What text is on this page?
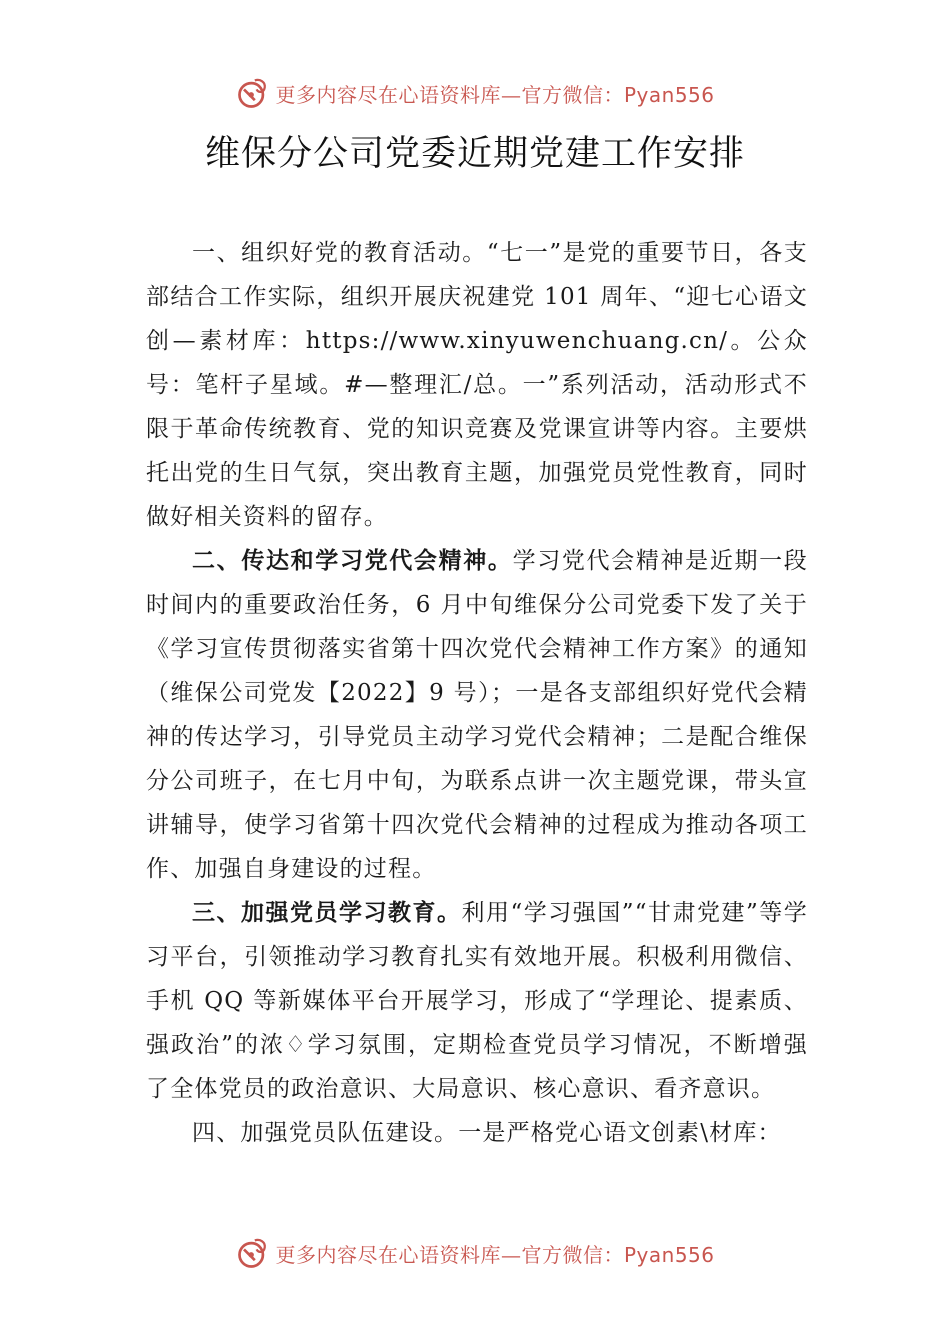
更多内容尽在心语资料库—官方微信：Pyan556
维保分公司党委近期党建工作安排

一、组织好党的教育活动。“七一”是党的重要节日，各支部结合工作实际，组织开展庆祝建党 101 周年、“迎七心语文创—素材库：https://www.xinyuwenchuang.cn/。公众号：笔杆子星域。#—整理汇/总。一”系列活动，活动形式不限于革命传统教育、党的知识竞赛及党课宣讲等内容。主要烘托出党的生日气氛，突出教育主题，加强党员党性教育，同时做好相关资料的留存。

二、传达和学习党代会精神。学习党代会精神是近期一段时间内的重要政治任务，6 月中旬维保分公司党委下发了关于《学习宣传贯彻落实省第十四次党代会精神工作方案》的通知（维保公司党发【2022】9 号）；一是各支部组织好党代会精神的传达学习，引导党员主动学习党代会精神；二是配合维保分公司班子，在七月中旬，为联系点讲一次主题党课，带头宣讲辅导，使学习省第十四次党代会精神的过程成为推动各项工作、加强自身建设的过程。

三、加强党员学习教育。利用“学习强国”“甘肃党建”等学习平台，引领推动学习教育扎实有效地开展。积极利用微信、手机 QQ 等新媒体平台开展学习，形成了“学理论、提素质、强政治”的浓♢学习氛围，定期检查党员学习情况，不断增强了全体党员的政治意识、大局意识、核心意识、看齐意识。

四、加强党员队伍建设。一是严格党心语文创素\材库：

更多内容尽在心语资料库—官方微信：Pyan556
